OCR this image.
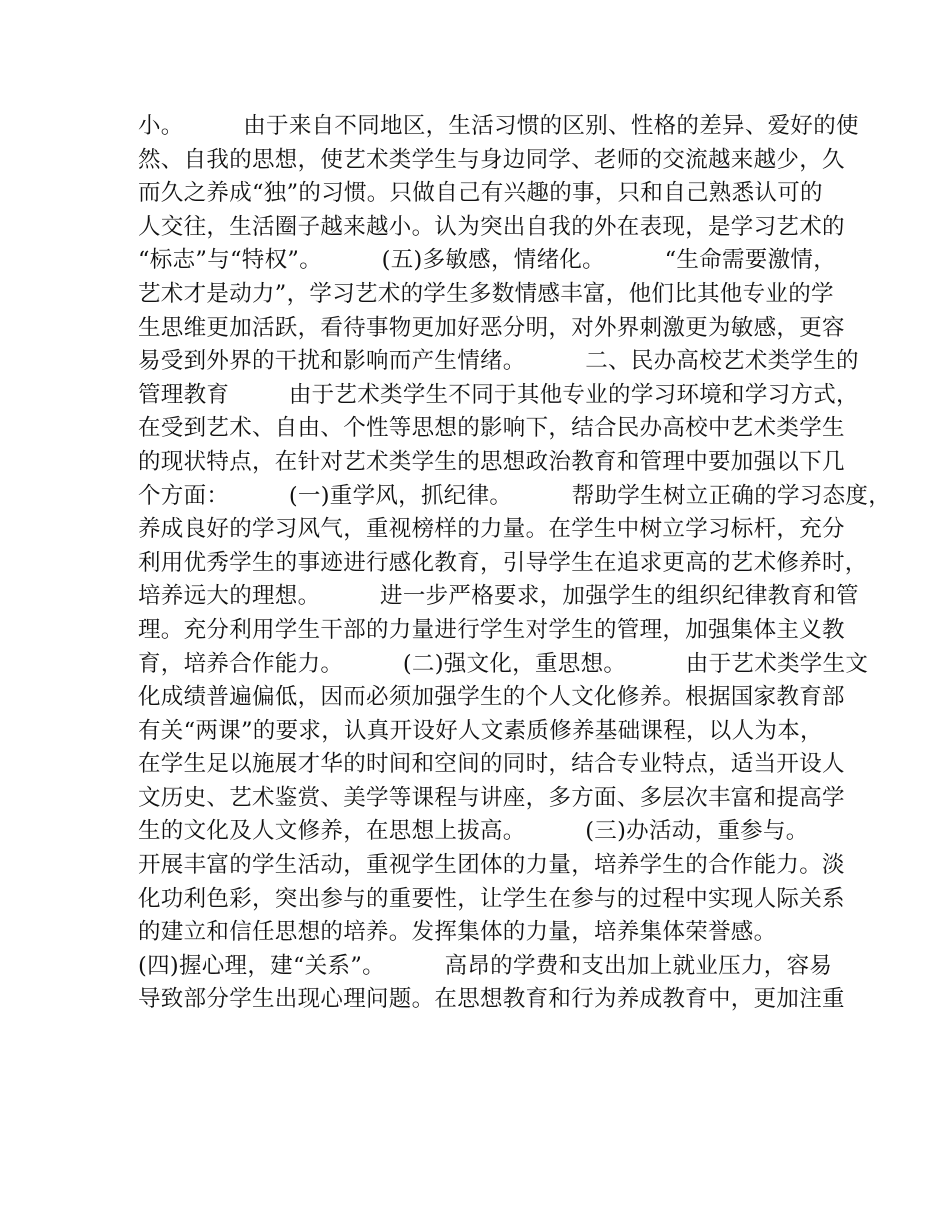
小。        由于来自不同地区，生活习惯的区别、性格的差异、爱好的使
然、自我的思想，使艺术类学生与身边同学、老师的交流越来越少，久
而久之养成“独”的习惯。只做自己有兴趣的事，只和自己熟悉认可的
人交往，生活圈子越来越小。认为突出自我的外在表现，是学习艺术的
“标志”与“特权”。        (五)多敏感，情绪化。        “生命需要激情，
艺术才是动力”，学习艺术的学生多数情感丰富，他们比其他专业的学
生思维更加活跃，看待事物更加好恶分明，对外界刺激更为敏感，更容
易受到外界的干扰和影响而产生情绪。        二、民办高校艺术类学生的
管理教育        由于艺术类学生不同于其他专业的学习环境和学习方式，
在受到艺术、自由、个性等思想的影响下，结合民办高校中艺术类学生
的现状特点，在针对艺术类学生的思想政治教育和管理中要加强以下几
个方面：        (一)重学风，抓纪律。        帮助学生树立正确的学习态度，
养成良好的学习风气，重视榜样的力量。在学生中树立学习标杆，充分
利用优秀学生的事迹进行感化教育，引导学生在追求更高的艺术修养时，
培养远大的理想。        进一步严格要求，加强学生的组织纪律教育和管
理。充分利用学生干部的力量进行学生对学生的管理，加强集体主义教
育，培养合作能力。        (二)强文化，重思想。        由于艺术类学生文
化成绩普遍偏低，因而必须加强学生的个人文化修养。根据国家教育部
有关“两课”的要求，认真开设好人文素质修养基础课程，以人为本，
在学生足以施展才华的时间和空间的同时，结合专业特点，适当开设人
文历史、艺术鉴赏、美学等课程与讲座，多方面、多层次丰富和提高学
生的文化及人文修养，在思想上拔高。        (三)办活动，重参与。
开展丰富的学生活动，重视学生团体的力量，培养学生的合作能力。淡
化功利色彩，突出参与的重要性，让学生在参与的过程中实现人际关系
的建立和信任思想的培养。发挥集体的力量，培养集体荣誉感。
(四)握心理，建“关系”。        高昂的学费和支出加上就业压力，容易
导致部分学生出现心理问题。在思想教育和行为养成教育中，更加注重
